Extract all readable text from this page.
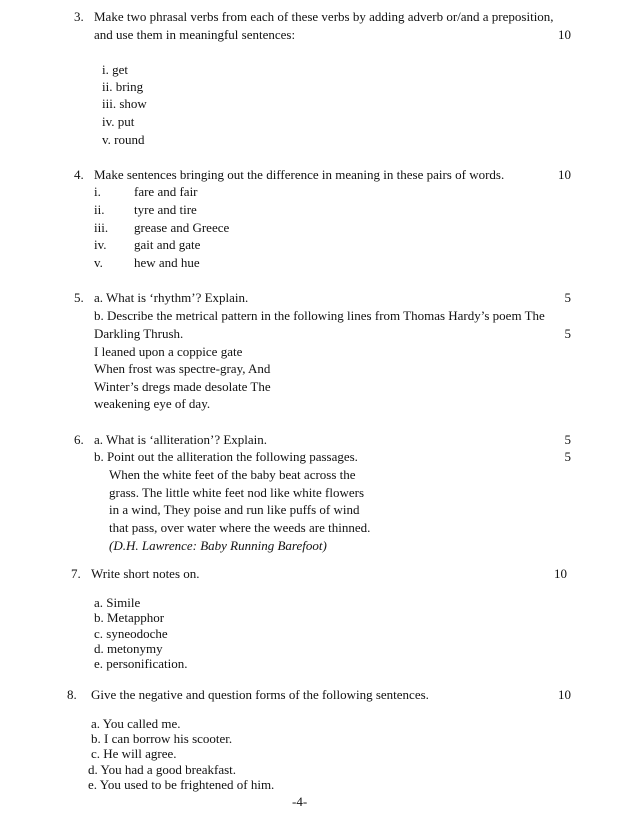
3. Make two phrasal verbs from each of these verbs by adding adverb or/and a preposition,
and use them in meaningful sentences:	10
i. get
ii. bring
iii. show
iv. put
v. round
4. Make sentences bringing out the difference in meaning in these pairs of words.	10
i.	fare and fair
ii. tyre and tire
iii. grease and Greece
iv. gait and gate
v. hew and hue
5. a. What is ‘rhythm’? Explain.	5
b. Describe the metrical pattern in the following lines from Thomas Hardy’s poem The
Darkling Thrush.	5
I leaned upon a coppice gate
When frost was spectre-gray, And
Winter’s dregs made desolate The
weakening eye of day.
6. a. What is ‘alliteration’? Explain.	5
b. Point out the alliteration the following passages.	5
When the white feet of the baby beat across the
grass. The little white feet nod like white flowers
in a wind, They poise and run like puffs of wind
that pass, over water where the weeds are thinned.
(D.H. Lawrence: Baby Running Barefoot)
7. Write short notes on.	10
a. Simile
b. Metapphor
c. syneodoche
d. metonymy
e. personification.
8. Give the negative and question forms of the following sentences.	10
a. You called me.
b. I can borrow his scooter.
c. He will agree.
d. You had a good breakfast.
e. You used to be frightened of him.
-4-
